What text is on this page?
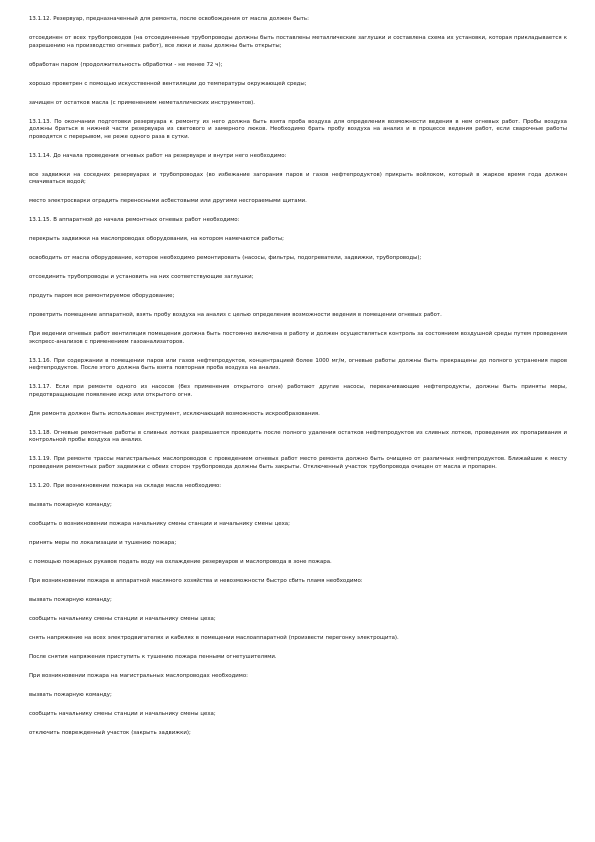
13.1.12. Резервуар, предназначенный для ремонта, после освобождения от масла должен быть:

отсоединен от всех трубопроводов (на отсоединенные трубопроводы должны быть поставлены металлические заглушки и составлена схема их установки, которая прикладывается к разрешению на производство огневых работ), все люки и лазы должны быть открыты;

обработан паром (продолжительность обработки - не менее 72 ч);

хорошо проветрен с помощью искусственной вентиляции до температуры окружающей среды;

зачищен от остатков масла (с применением неметаллических инструментов).

13.1.13. По окончании подготовки резервуара к ремонту из него должна быть взята проба воздуха для определения возможности ведения в нем огневых работ. Пробы воздуха должны браться в нижней части резервуара из светового и замерного люков. Необходимо брать пробу воздуха на анализ и в процессе ведения работ, если сварочные работы проводятся с перерывом, не реже одного раза в сутки.

13.1.14. До начала проведения огневых работ на резервуаре и внутри него необходимо:

все задвижки на соседних резервуарах и трубопроводах (во избежание загорания паров и газов нефтепродуктов) прикрыть войлоком, который в жаркое время года должен смачиваться водой;

место электросварки оградить переносными асбестовыми или другими несгораемыми щитами.

13.1.15. В аппаратной до начала ремонтных огневых работ необходимо:

перекрыть задвижки на маслопроводах оборудования, на котором намечаются работы;

освободить от масла оборудование, которое необходимо ремонтировать (насосы, фильтры, подогреватели, задвижки, трубопроводы);

отсоединить трубопроводы и установить на них соответствующие заглушки;

продуть паром все ремонтируемое оборудование;

проветрить помещение аппаратной, взять пробу воздуха на анализ с целью определения возможности ведения в помещении огневых работ.

При ведении огневых работ вентиляция помещения должна быть постоянно включена в работу и должен осуществляться контроль за состоянием воздушной среды путем проведения экспресс-анализов с применением газоанализаторов.

13.1.16. При содержании в помещении паров или газов нефтепродуктов, концентрацией более 1000 мг/м, огневые работы должны быть прекращены до полного устранения паров нефтепродуктов. После этого должна быть взята повторная проба воздуха на анализ.

13.1.17. Если при ремонте одного из насосов (без применения открытого огня) работают другие насосы, перекачивающие нефтепродукты, должны быть приняты меры, предотвращающие появление искр или открытого огня.

Для ремонта должен быть использован инструмент, исключающий возможность искрообразования.

13.1.18. Огневые ремонтные работы в сливных лотках разрешается проводить после полного удаления остатков нефтепродуктов из сливных лотков, проведения их пропаривания и контрольной пробы воздуха на анализ.

13.1.19. При ремонте трассы магистральных маслопроводов с проведением огневых работ место ремонта должно быть очищено от различных нефтепродуктов. Ближайшие к месту проведения ремонтных работ задвижки с обеих сторон трубопровода должны быть закрыты. Отключенный участок трубопровода очищен от масла и пропарен.

13.1.20. При возникновении пожара на складе масла необходимо:

вызвать пожарную команду;

сообщить о возникновении пожара начальнику смены станции и начальнику смены цеха;

принять меры по локализации и тушению пожара;

с помощью пожарных рукавов подать воду на охлаждение резервуаров и маслопровода в зоне пожара.

При возникновении пожара в аппаратной масляного хозяйства и невозможности быстро сбить пламя необходимо:

вызвать пожарную команду;

сообщить начальнику смены станции и начальнику смены цеха;

снять напряжение на всех электродвигателях и кабелях в помещении маслоаппаратной (произвести перегонку электрощита).

После снятия напряжения приступить к тушению пожара пенными огнетушителями.

При возникновении пожара на магистральных маслопроводах необходимо:

вызвать пожарную команду;

сообщить начальнику смены станции и начальнику смены цеха;

отключить поврежденный участок (закрыть задвижки);
